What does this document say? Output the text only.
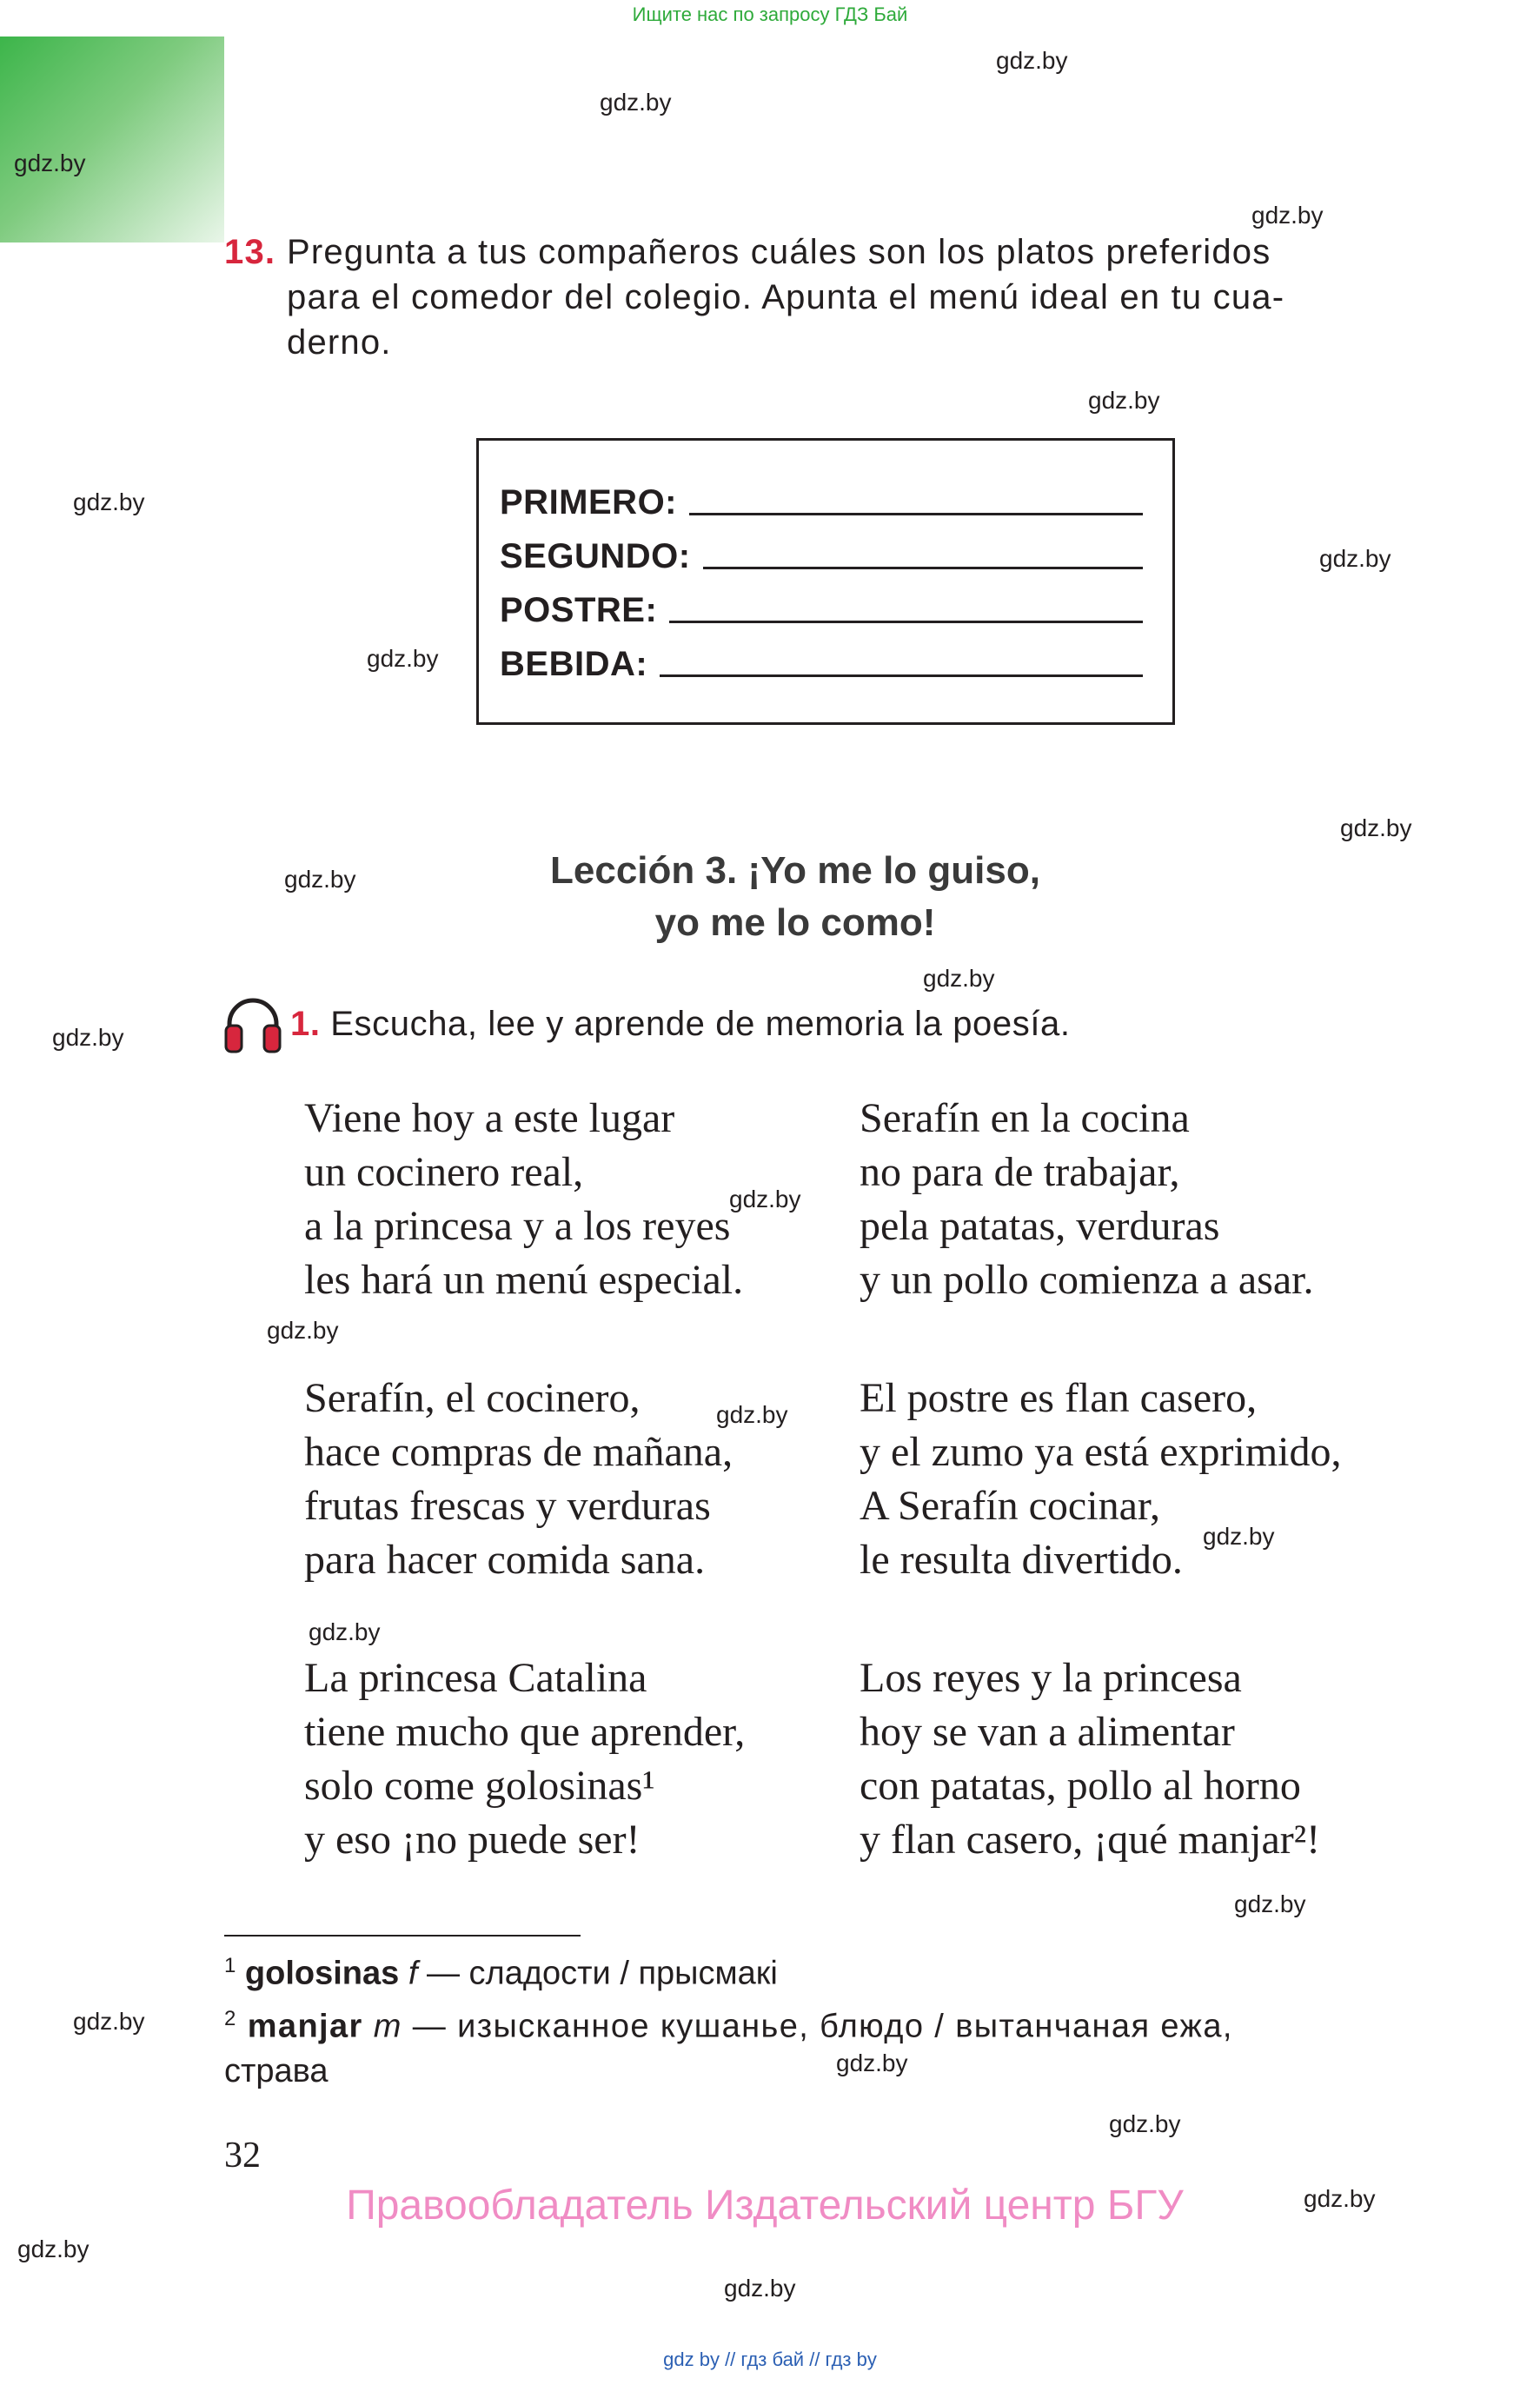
Ищите нас по запросу ГДЗ Бай
gdz.by
gdz.by
gdz.by
gdz.by
gdz.by
gdz.by
gdz.by
gdz.by
gdz.by
gdz.by
gdz.by
gdz.by
gdz.by
gdz.by
gdz.by
gdz.by
gdz.by
gdz.by
gdz.by
gdz.by
gdz.by
gdz.by
gdz.by
gdz.by
13. Pregunta a tus compañeros cuáles son los platos preferidos
para el comedor del colegio. Apunta el menú ideal en tu cua-
derno.
PRIMERO:
SEGUNDO:
POSTRE:
BEBIDA:
Lección 3. ¡Yo me lo guiso,
yo me lo como!
1. Escucha, lee y aprende de memoria la poesía.
Viene hoy a este lugar
un cocinero real,
a la princesa y a los reyes
les hará un menú especial.
Serafín, el cocinero,
hace compras de mañana,
frutas frescas y verduras
para hacer comida sana.
La princesa Catalina
tiene mucho que aprender,
solo come golosinas¹
y eso ¡no puede ser!
Serafín en la cocina
no para de trabajar,
pela patatas, verduras
y un pollo comienza a asar.
El postre es flan casero,
y el zumo ya está exprimido,
A Serafín cocinar,
le resulta divertido.
Los reyes y la princesa
hoy se van a alimentar
con patatas, pollo al horno
y flan casero, ¡qué manjar²!
$^1$ golosinas f — сладости / прысмакі
$^2$ manjar m — изысканное кушанье, блюдо / вытанчаная ежа,
страва
32
Правообладатель Издательский центр БГУ
gdz by // гдз бай // гдз by
